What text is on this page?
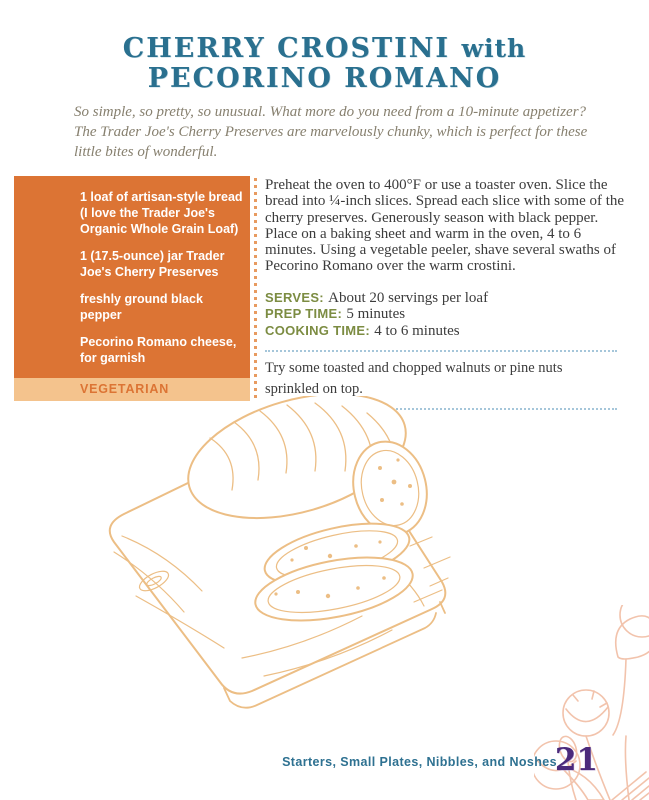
CHERRY CROSTINI with
PECORINO ROMANO

So simple, so pretty, so unusual. What more do you need from a 10-minute appetizer? The Trader Joe's Cherry Preserves are marvelously chunky, which is perfect for these little bites of wonderful.

1 loaf of artisan-style bread (I love the Trader Joe's Organic Whole Grain Loaf)

1 (17.5-ounce) jar Trader Joe's Cherry Preserves

freshly ground black pepper

Pecorino Romano cheese, for garnish

VEGETARIAN

Preheat the oven to 400°F or use a toaster oven. Slice the bread into ¼-inch slices. Spread each slice with some of the cherry preserves. Generously season with black pepper. Place on a baking sheet and warm in the oven, 4 to 6 minutes. Using a vegetable peeler, shave several swaths of Pecorino Romano over the warm crostini.

SERVES: About 20 servings per loaf
PREP TIME: 5 minutes
COOKING TIME: 4 to 6 minutes
Try some toasted and chopped walnuts or pine nuts sprinkled on top.
Starters, Small Plates, Nibbles, and Noshes
21
